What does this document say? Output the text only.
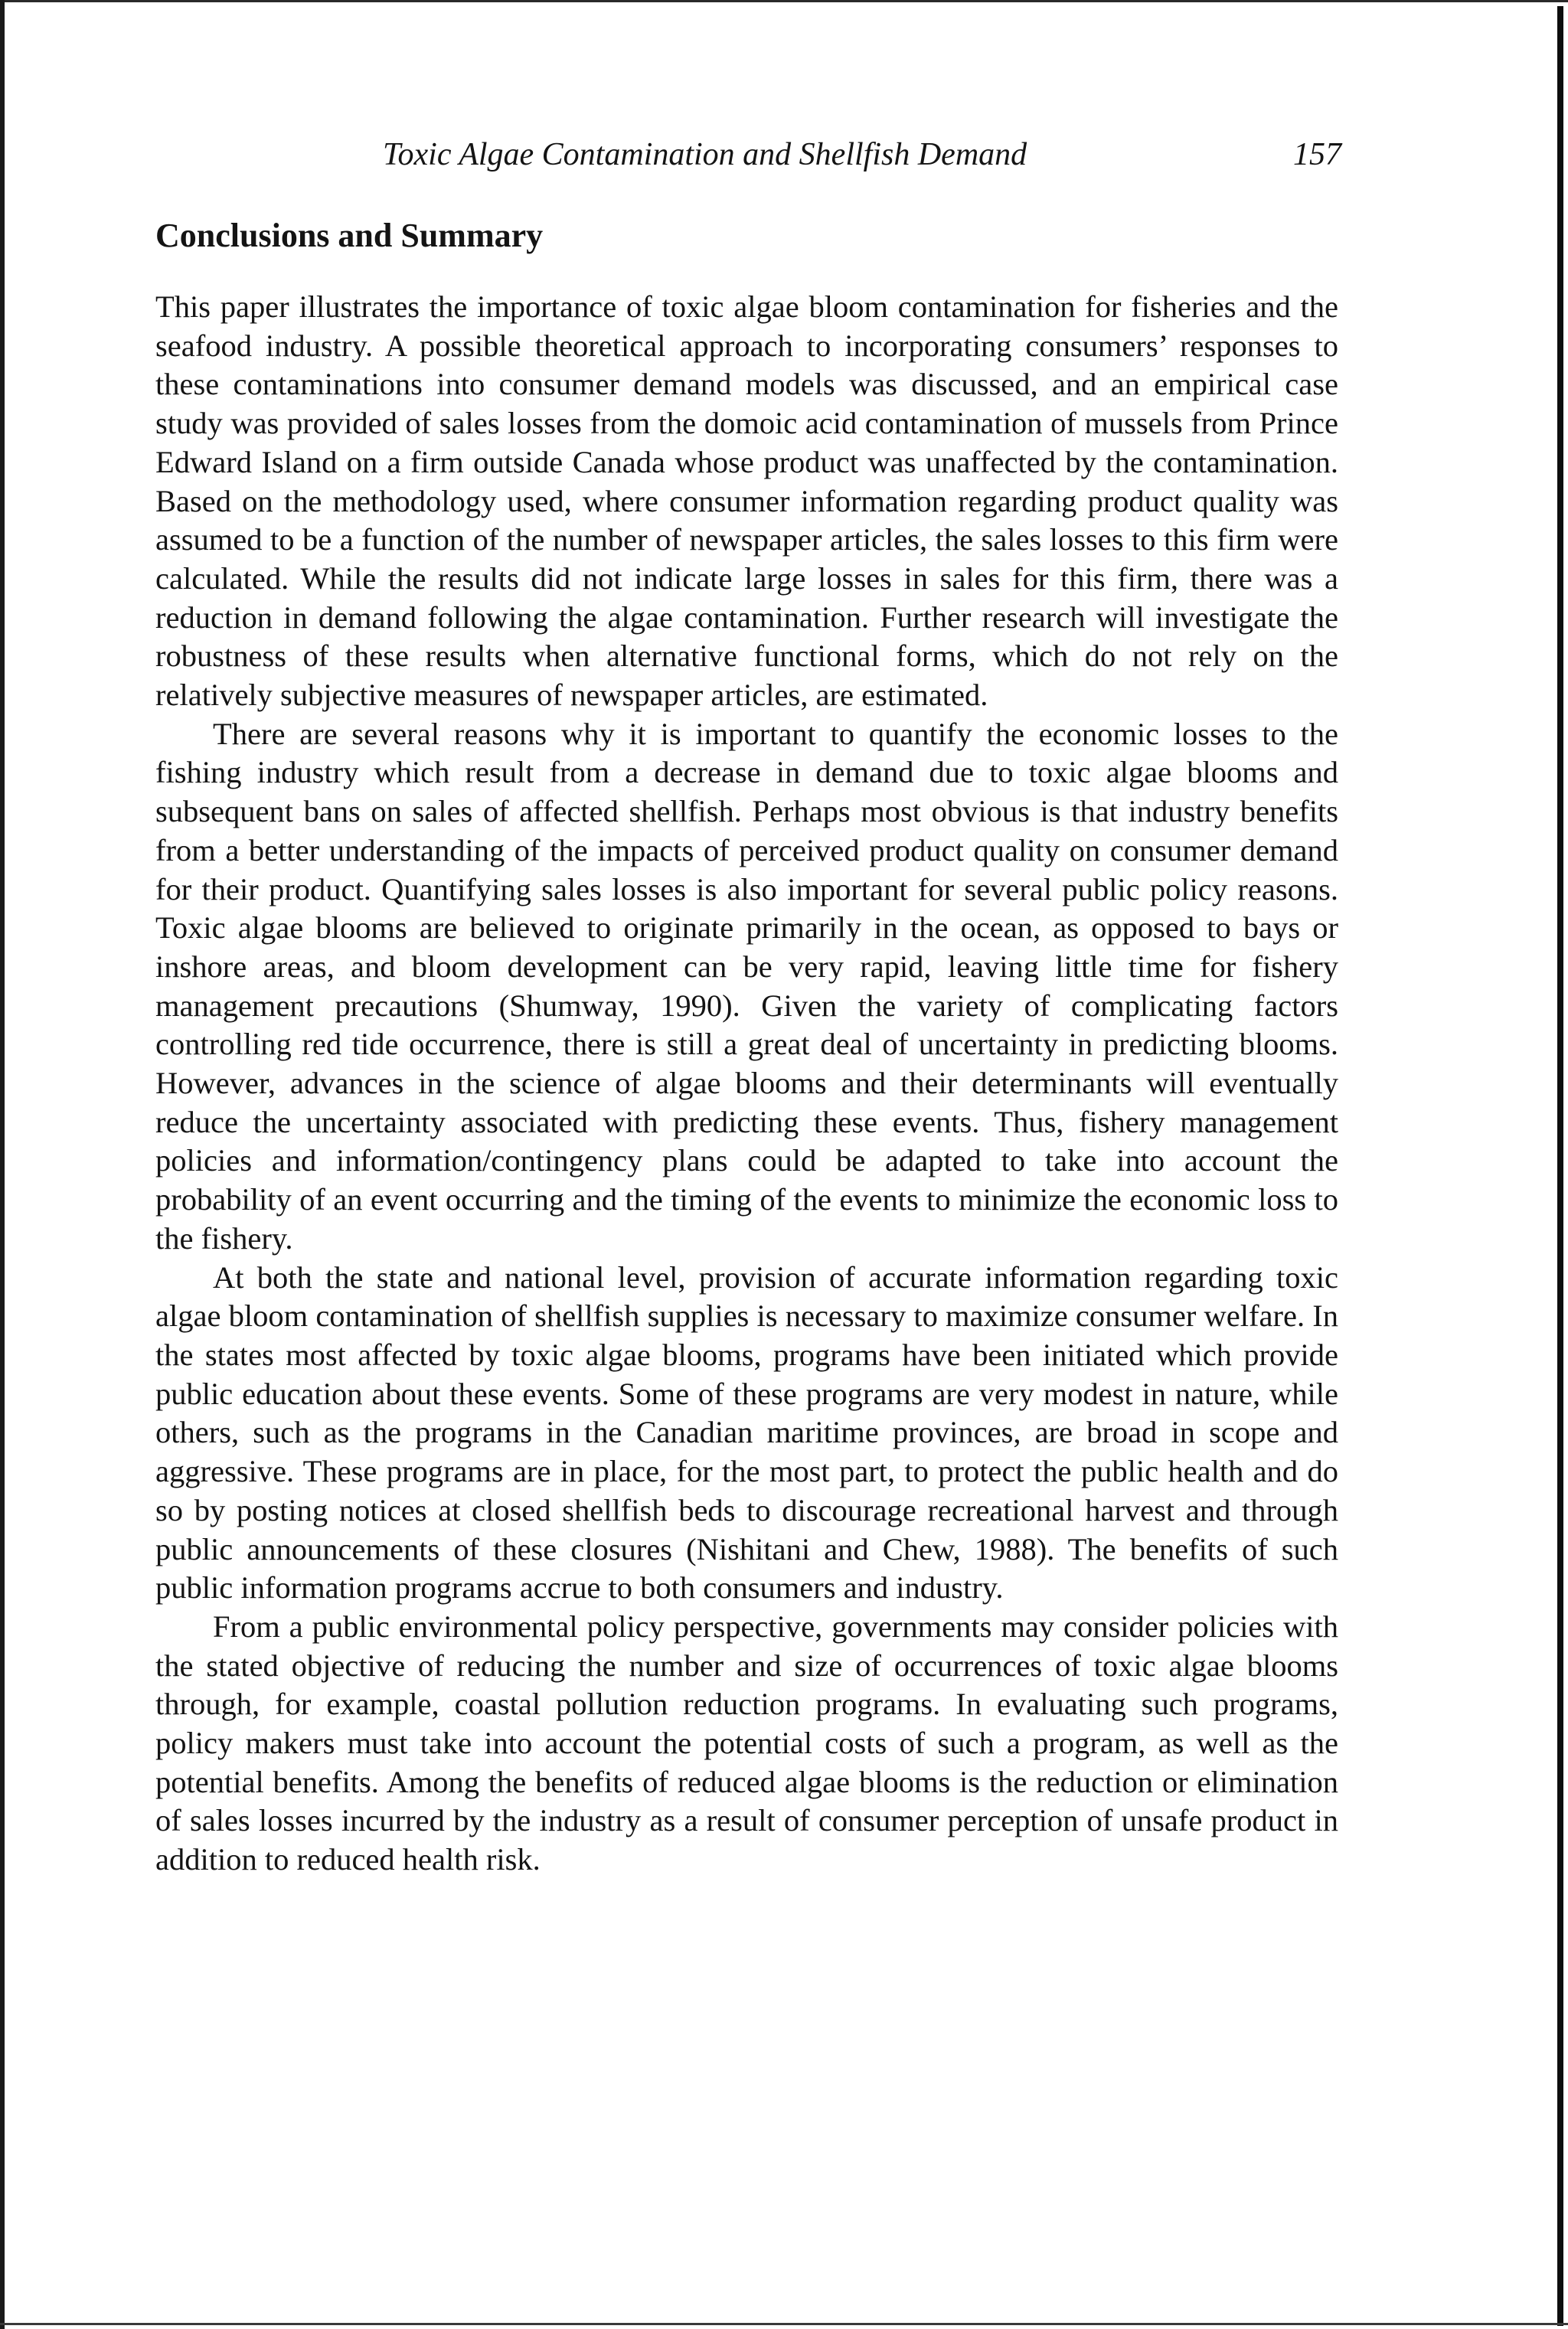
Toxic Algae Contamination and Shellfish Demand	157
Conclusions and Summary

This paper illustrates the importance of toxic algae bloom contamination for fisheries and the seafood industry. A possible theoretical approach to incorporating consumers’ responses to these contaminations into consumer demand models was discussed, and an empirical case study was provided of sales losses from the domoic acid contamination of mussels from Prince Edward Island on a firm outside Canada whose product was unaffected by the contamination. Based on the methodology used, where consumer information regarding product quality was assumed to be a function of the number of newspaper articles, the sales losses to this firm were calculated. While the results did not indicate large losses in sales for this firm, there was a reduction in demand following the algae contamination. Further research will investigate the robustness of these results when alternative functional forms, which do not rely on the relatively subjective measures of newspaper articles, are estimated.

There are several reasons why it is important to quantify the economic losses to the fishing industry which result from a decrease in demand due to toxic algae blooms and subsequent bans on sales of affected shellfish. Perhaps most obvious is that industry benefits from a better understanding of the impacts of perceived product quality on consumer demand for their product. Quantifying sales losses is also important for several public policy reasons. Toxic algae blooms are believed to originate primarily in the ocean, as opposed to bays or inshore areas, and bloom development can be very rapid, leaving little time for fishery management precautions (Shumway, 1990). Given the variety of complicating factors controlling red tide occurrence, there is still a great deal of uncertainty in predicting blooms. However, advances in the science of algae blooms and their determinants will eventually reduce the uncertainty associated with predicting these events. Thus, fishery management policies and information/contingency plans could be adapted to take into account the probability of an event occurring and the timing of the events to minimize the economic loss to the fishery.

At both the state and national level, provision of accurate information regarding toxic algae bloom contamination of shellfish supplies is necessary to maximize consumer welfare. In the states most affected by toxic algae blooms, programs have been initiated which provide public education about these events. Some of these programs are very modest in nature, while others, such as the programs in the Canadian maritime provinces, are broad in scope and aggressive. These programs are in place, for the most part, to protect the public health and do so by posting notices at closed shellfish beds to discourage recreational harvest and through public announcements of these closures (Nishitani and Chew, 1988). The benefits of such public information programs accrue to both consumers and industry.

From a public environmental policy perspective, governments may consider policies with the stated objective of reducing the number and size of occurrences of toxic algae blooms through, for example, coastal pollution reduction programs. In evaluating such programs, policy makers must take into account the potential costs of such a program, as well as the potential benefits. Among the benefits of reduced algae blooms is the reduction or elimination of sales losses incurred by the industry as a result of consumer perception of unsafe product in addition to reduced health risk.
